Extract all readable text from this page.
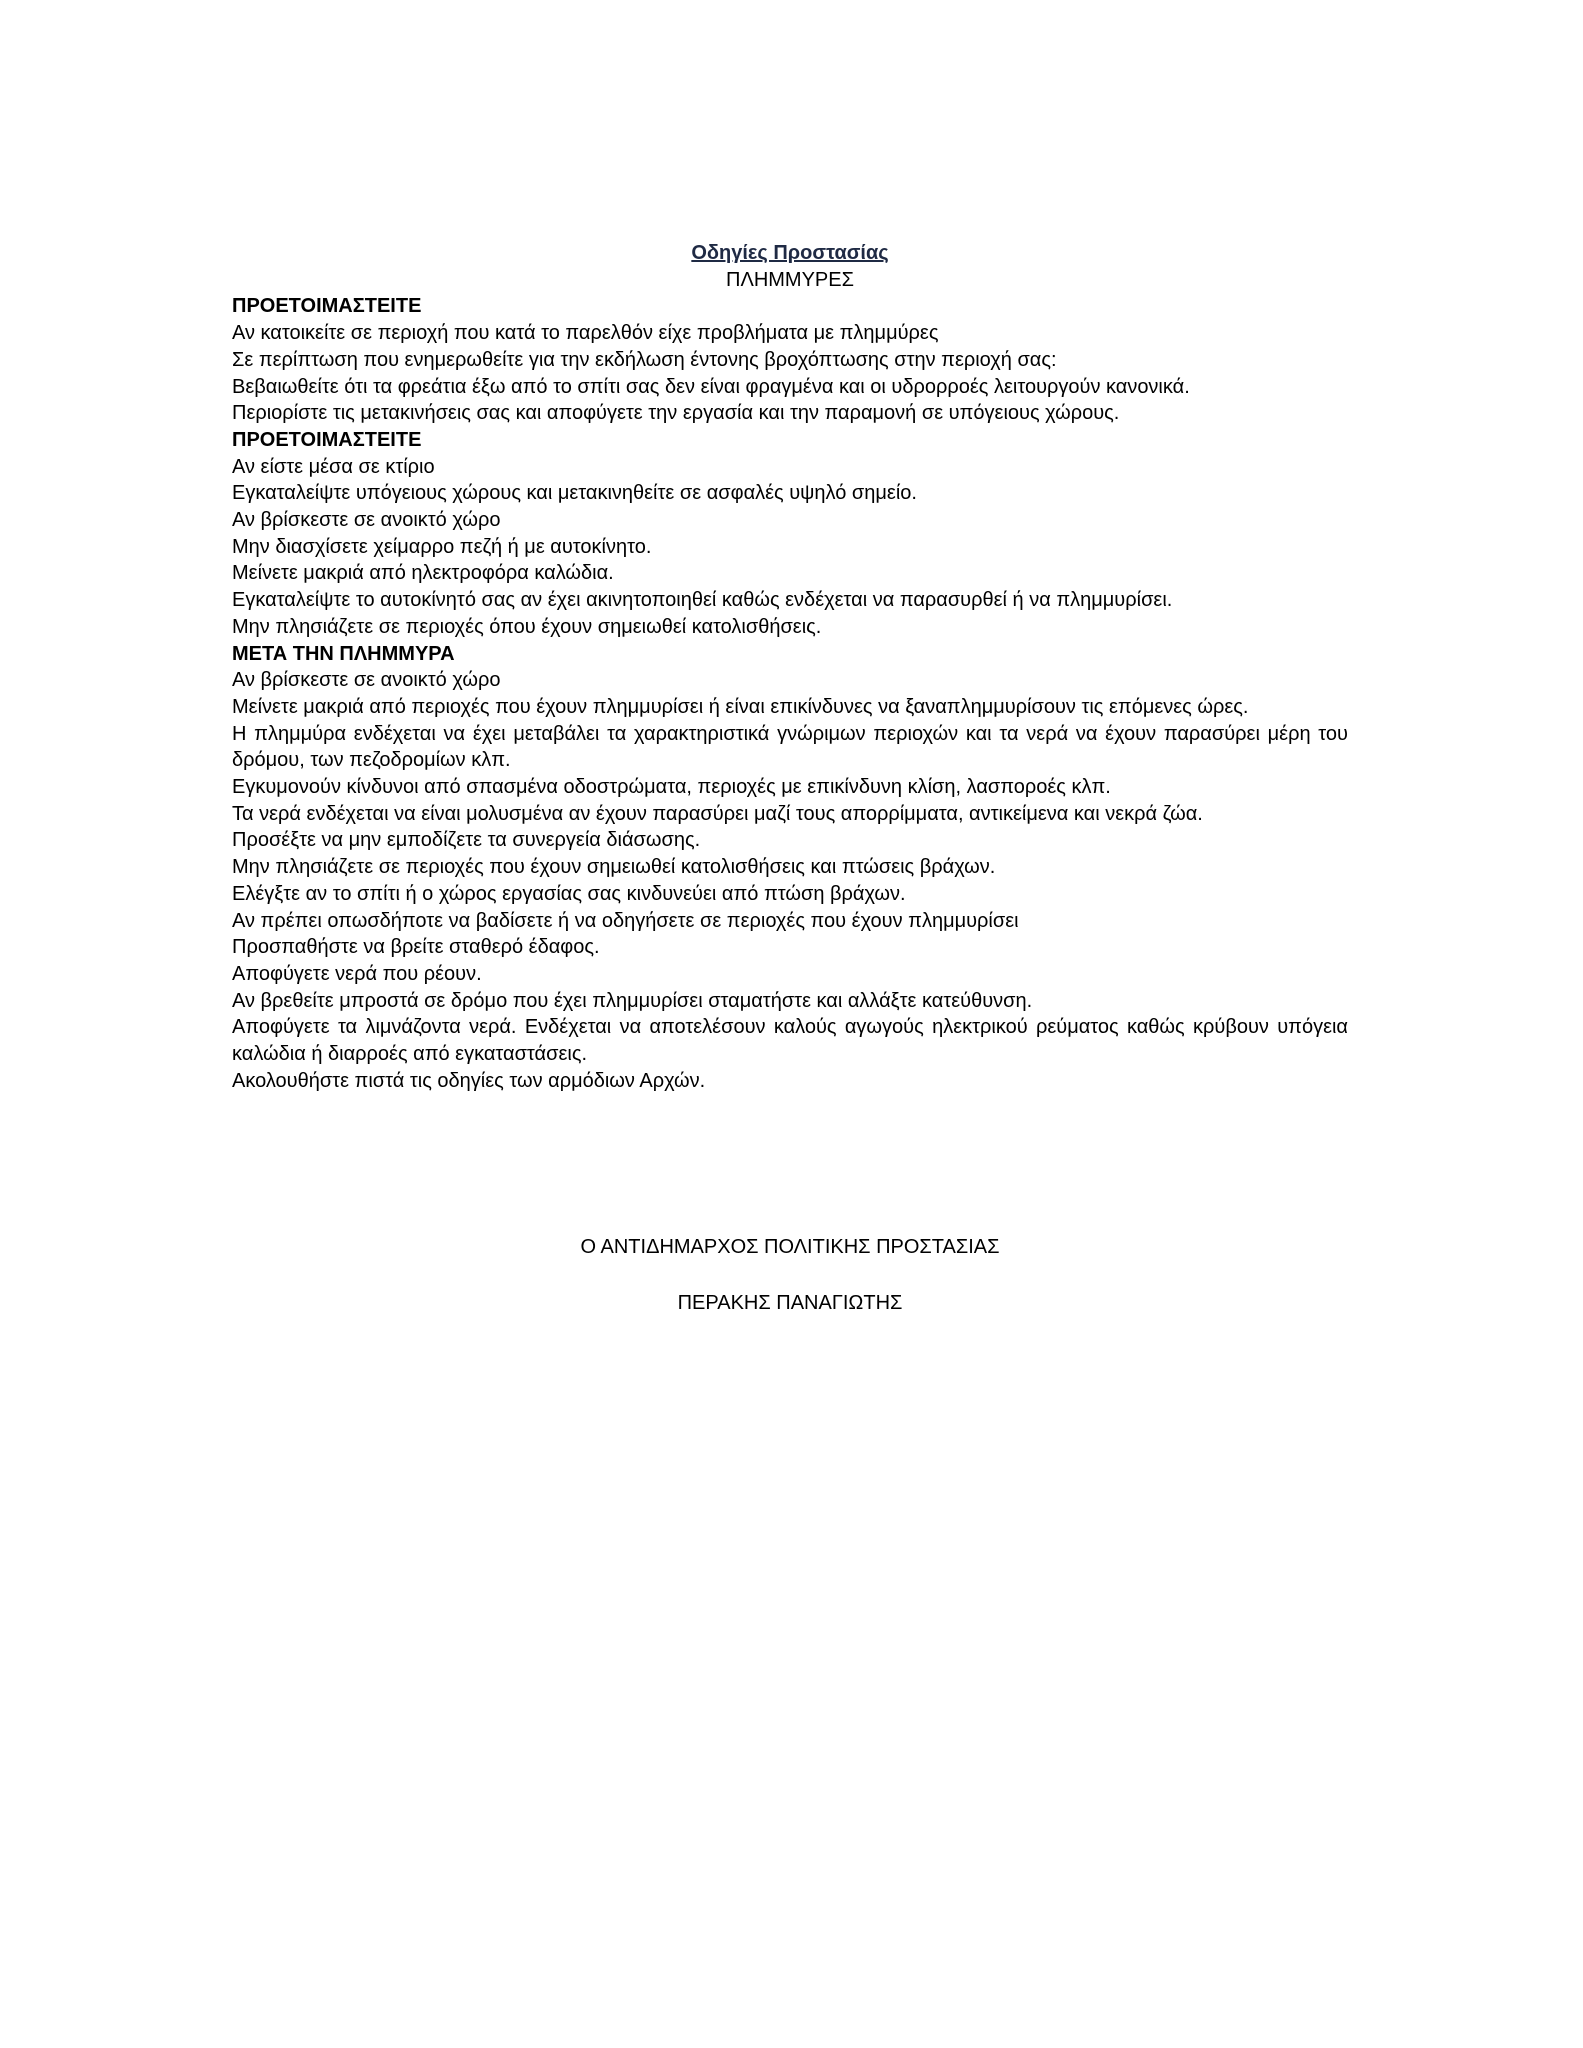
Οδηγίες Προστασίας
ΠΛΗΜΜΥΡΕΣ
ΠΡΟΕΤΟΙΜΑΣΤΕΙΤΕ
Αν κατοικείτε σε περιοχή που κατά το παρελθόν είχε προβλήματα με πλημμύρες
Σε περίπτωση που ενημερωθείτε για την εκδήλωση έντονης βροχόπτωσης στην περιοχή σας:
Βεβαιωθείτε ότι τα φρεάτια έξω από το σπίτι σας δεν είναι φραγμένα και οι υδρορροές λειτουργούν κανονικά.
Περιορίστε τις μετακινήσεις σας και αποφύγετε την εργασία και την παραμονή σε υπόγειους χώρους.
ΠΡΟΕΤΟΙΜΑΣΤΕΙΤΕ
Αν είστε μέσα σε κτίριο
Εγκαταλείψτε υπόγειους χώρους και μετακινηθείτε σε ασφαλές υψηλό σημείο.
Αν βρίσκεστε σε ανοικτό χώρο
Μην διασχίσετε χείμαρρο πεζή ή με αυτοκίνητο.
Μείνετε μακριά από ηλεκτροφόρα καλώδια.
Εγκαταλείψτε το αυτοκίνητό σας αν έχει ακινητοποιηθεί καθώς ενδέχεται να παρασυρθεί ή να πλημμυρίσει.
Μην πλησιάζετε σε περιοχές όπου έχουν σημειωθεί κατολισθήσεις.
ΜΕΤΑ ΤΗΝ ΠΛΗΜΜΥΡΑ
Αν βρίσκεστε σε ανοικτό χώρο
Μείνετε μακριά από περιοχές που έχουν πλημμυρίσει ή είναι επικίνδυνες να ξαναπλημμυρίσουν τις επόμενες ώρες.
Η πλημμύρα ενδέχεται να έχει μεταβάλει τα χαρακτηριστικά γνώριμων περιοχών και τα νερά να έχουν παρασύρει μέρη του δρόμου, των πεζοδρομίων κλπ.
Εγκυμονούν κίνδυνοι από σπασμένα οδοστρώματα, περιοχές με επικίνδυνη κλίση, λασποροές κλπ.
Τα νερά ενδέχεται να είναι μολυσμένα αν έχουν παρασύρει μαζί τους απορρίμματα, αντικείμενα και νεκρά ζώα.
Προσέξτε να μην εμποδίζετε τα συνεργεία διάσωσης.
Μην πλησιάζετε σε περιοχές που έχουν σημειωθεί κατολισθήσεις και πτώσεις βράχων.
Ελέγξτε αν το σπίτι ή ο χώρος εργασίας σας κινδυνεύει από πτώση βράχων.
Αν πρέπει οπωσδήποτε να βαδίσετε ή να οδηγήσετε σε περιοχές που έχουν πλημμυρίσει
Προσπαθήστε να βρείτε σταθερό έδαφος.
Αποφύγετε νερά που ρέουν.
Αν βρεθείτε μπροστά σε δρόμο που έχει πλημμυρίσει σταματήστε και αλλάξτε κατεύθυνση.
Αποφύγετε τα λιμνάζοντα νερά. Ενδέχεται να αποτελέσουν καλούς αγωγούς ηλεκτρικού ρεύματος καθώς κρύβουν υπόγεια καλώδια ή διαρροές από εγκαταστάσεις.
Ακολουθήστε πιστά τις οδηγίες των αρμόδιων Αρχών.
Ο ΑΝΤΙΔΗΜΑΡΧΟΣ ΠΟΛΙΤΙΚΗΣ ΠΡΟΣΤΑΣΙΑΣ
ΠΕΡΑΚΗΣ ΠΑΝΑΓΙΩΤΗΣ
